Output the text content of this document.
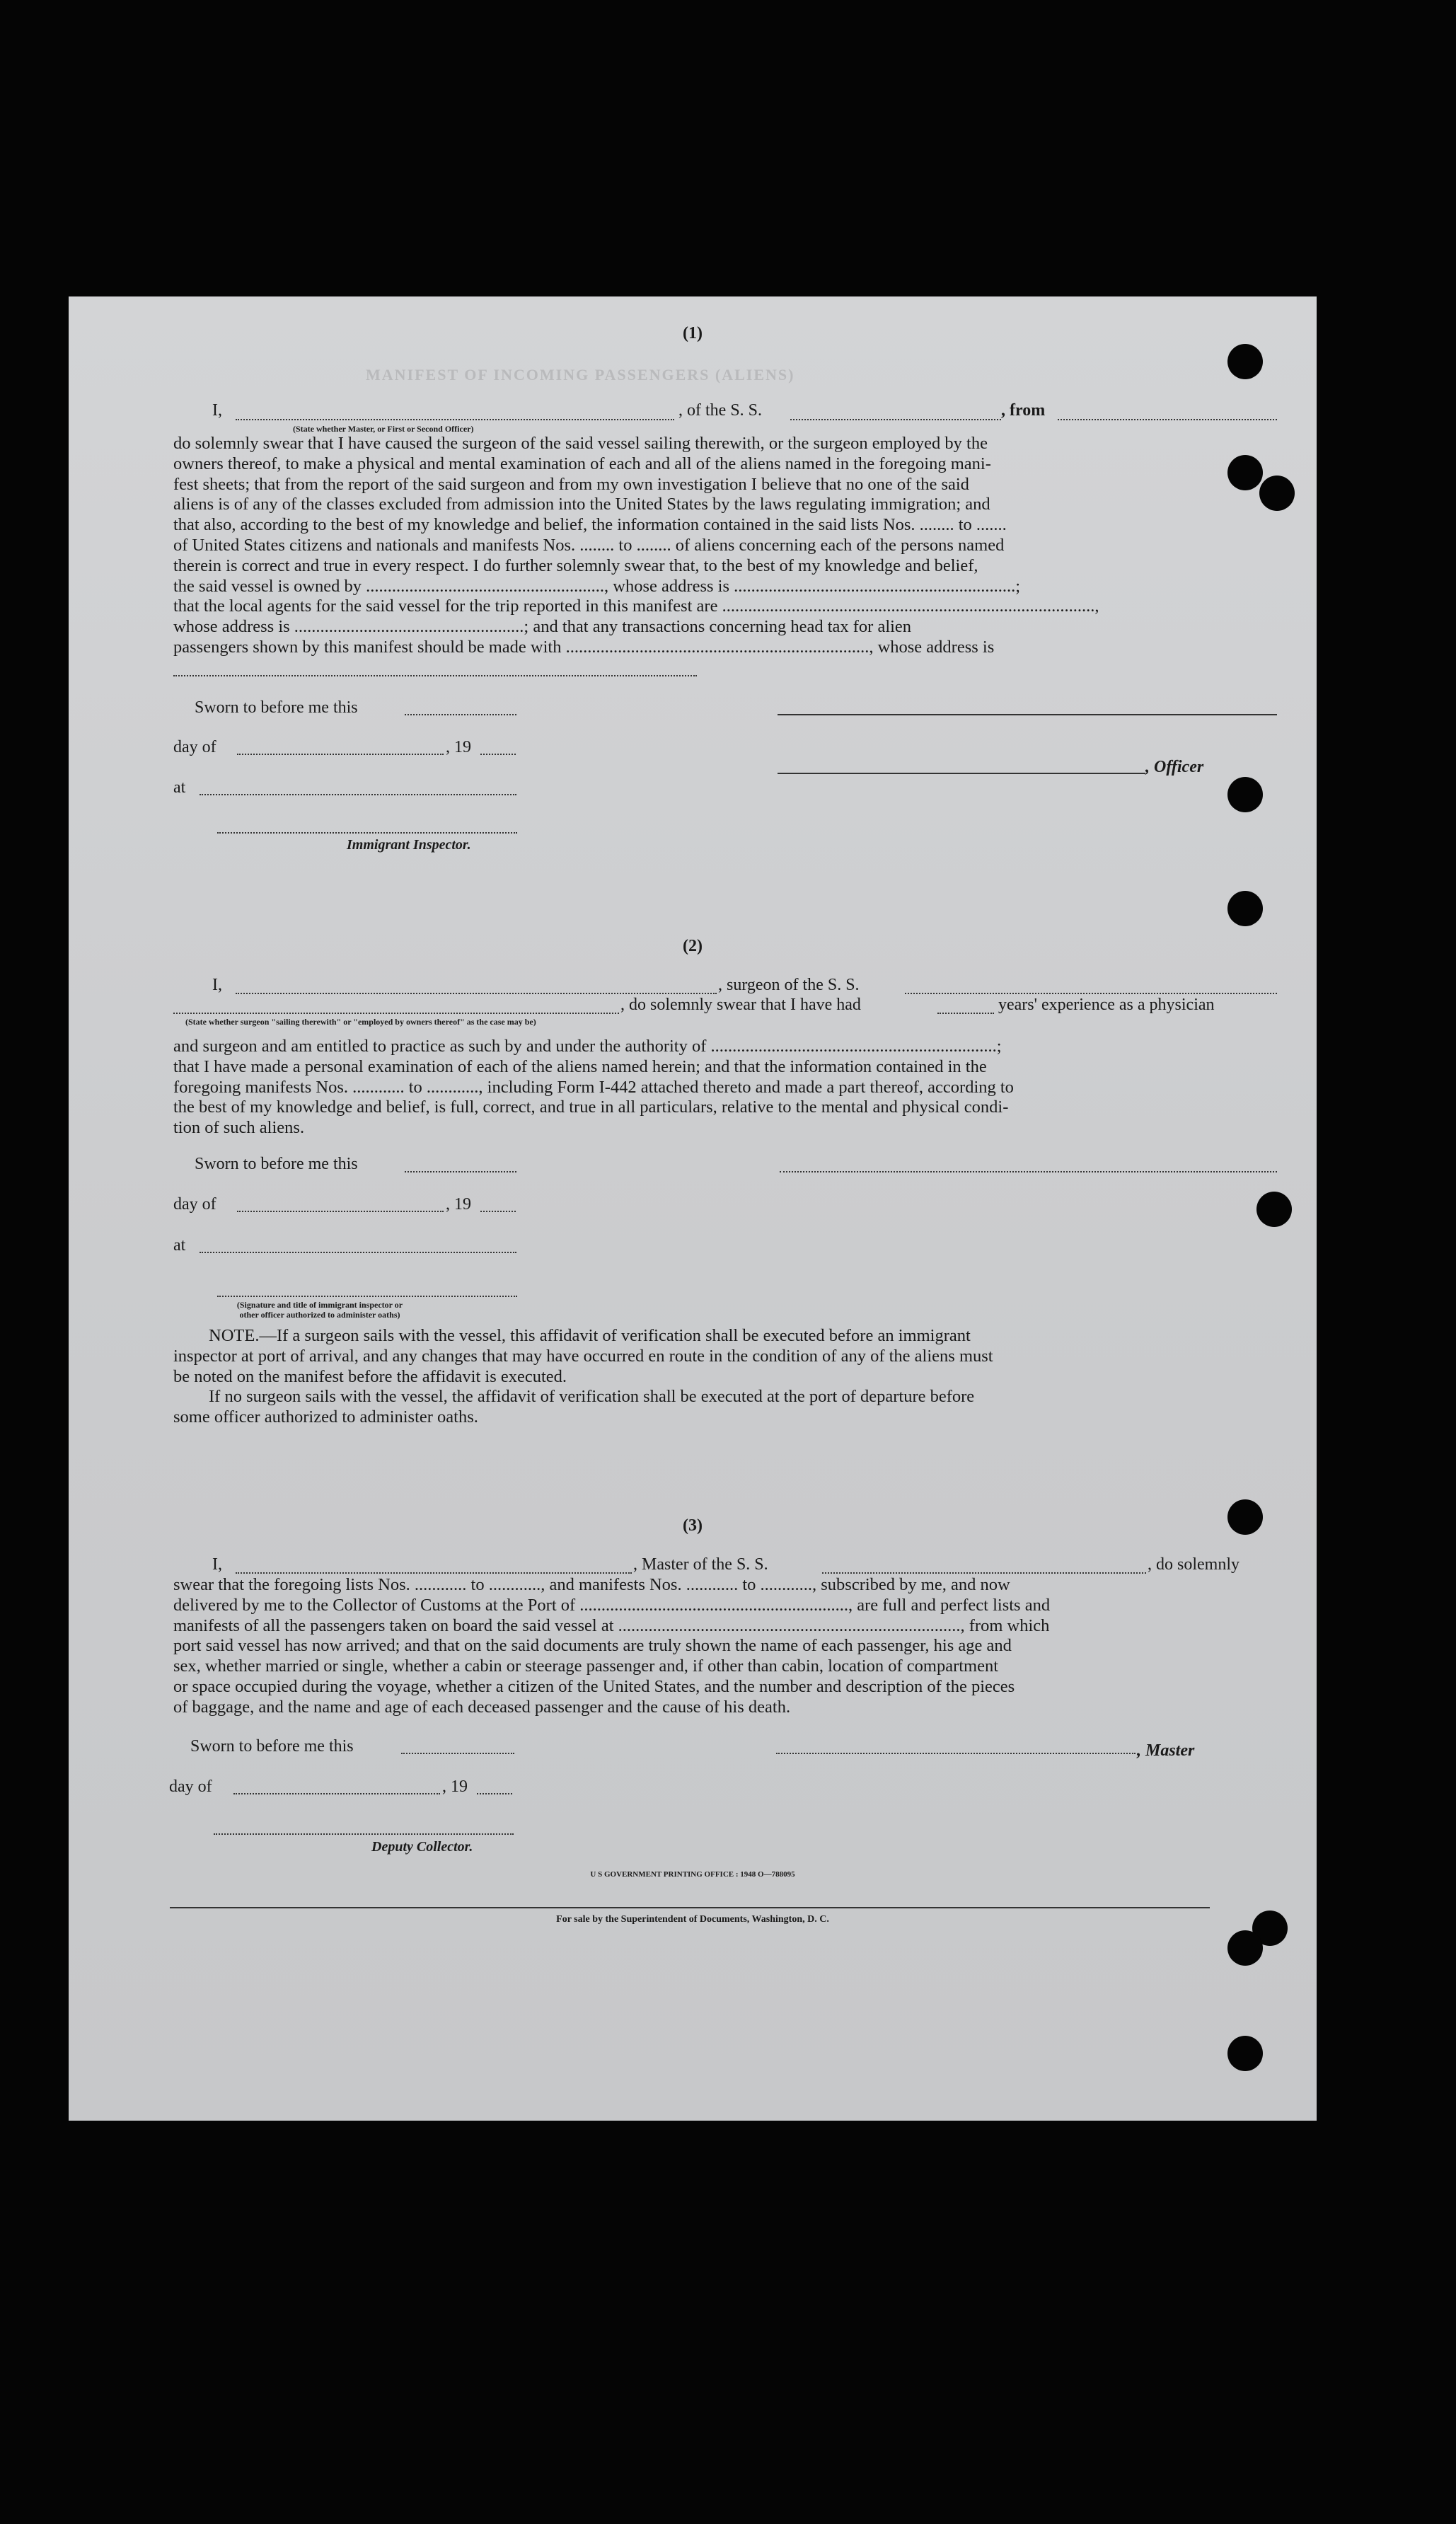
MANIFEST OF INCOMING PASSENGERS (ALIENS)
(1)
I,	, of the S. S.	, from
(State whether Master, or First or Second Officer)

do solemnly swear that I have caused the surgeon of the said vessel sailing therewith, or the surgeon employed by the

owners thereof, to make a physical and mental examination of each and all of the aliens named in the foregoing mani-

fest sheets; that from the report of the said surgeon and from my own investigation I believe that no one of the said

aliens is of any of the classes excluded from admission into the United States by the laws regulating immigration; and

that also, according to the best of my knowledge and belief, the information contained in the said lists Nos. ........ to .......

of United States citizens and nationals and manifests Nos. ........ to ........ of aliens concerning each of the persons named

therein is correct and true in every respect. I do further solemnly swear that, to the best of my knowledge and belief,

the said vessel is owned by ......................................................., whose address is .................................................................;

that the local agents for the said vessel for the trip reported in this manifest are ......................................................................................,

whose address is .....................................................; and that any transactions concerning head tax for alien

passengers shown by this manifest should be made with ......................................................................, whose address is

Sworn to before me this
day of	, 19
, Officer
at
Immigrant Inspector.
(2)
I,	, surgeon of the S. S.
, do solemnly swear that I have had	years' experience as a physician
(State whether surgeon "sailing therewith" or "employed by owners thereof" as the case may be)

and surgeon and am entitled to practice as such by and under the authority of ..................................................................;

that I have made a personal examination of each of the aliens named herein; and that the information contained in the

foregoing manifests Nos. ............ to ............, including Form I-442 attached thereto and made a part thereof, according to

the best of my knowledge and belief, is full, correct, and true in all particulars, relative to the mental and physical condi-

tion of such aliens.

Sworn to before me this
day of	, 19
at
(Signature and title of immigrant inspector or
other officer authorized to administer oaths)

NOTE.—If a surgeon sails with the vessel, this affidavit of verification shall be executed before an immigrant

inspector at port of arrival, and any changes that may have occurred en route in the condition of any of the aliens must

be noted on the manifest before the affidavit is executed.

If no surgeon sails with the vessel, the affidavit of verification shall be executed at the port of departure before

some officer authorized to administer oaths.

(3)
I,	, Master of the S. S.	, do solemnly

swear that the foregoing lists Nos. ............ to ............, and manifests Nos. ............ to ............, subscribed by me, and now

delivered by me to the Collector of Customs at the Port of .............................................................., are full and perfect lists and

manifests of all the passengers taken on board the said vessel at ..............................................................................., from which

port said vessel has now arrived; and that on the said documents are truly shown the name of each passenger, his age and

sex, whether married or single, whether a cabin or steerage passenger and, if other than cabin, location of compartment

or space occupied during the voyage, whether a citizen of the United States, and the number and description of the pieces

of baggage, and the name and age of each deceased passenger and the cause of his death.

Sworn to before me this	, Master
day of	, 19
Deputy Collector.
U S GOVERNMENT PRINTING OFFICE : 1948 O—788095
For sale by the Superintendent of Documents, Washington, D. C.
